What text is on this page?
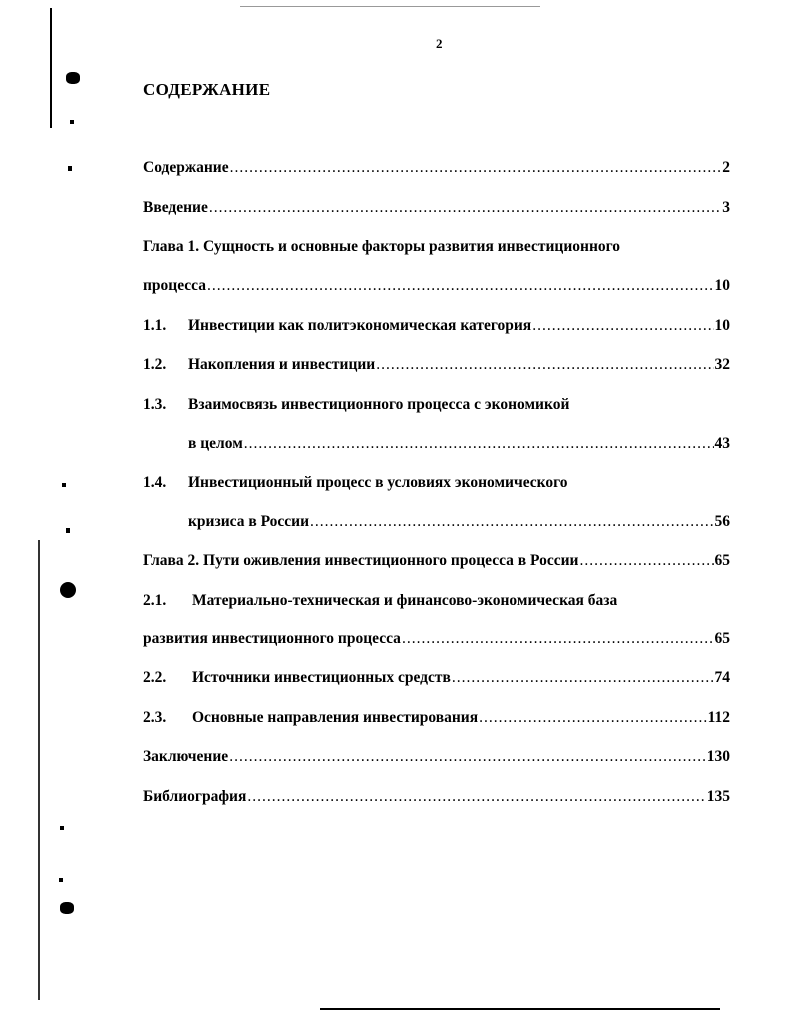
2
СОДЕРЖАНИЕ
Содержание .....	2
Введение .....	3
Глава 1. Сущность и основные факторы развития инвестиционного
процесса .....	10
1.1.	Инвестиции как политэкономическая категория .....	10
1.2.	Накопления и инвестиции .....	32
1.3. Взаимосвязь инвестиционного процесса с экономикой
в целом .....	43
1.4. Инвестиционный процесс в условиях экономического
кризиса в России .....	56
Глава 2. Пути оживления инвестиционного процесса в России .....	65
2.1. Материально-техническая и финансово-экономическая база
развития инвестиционного процесса .....	65
2.2.	Источники инвестиционных средств .....	74
2.3.	Основные направления инвестирования .....	112
Заключение .....	130
Библиография .....	135
